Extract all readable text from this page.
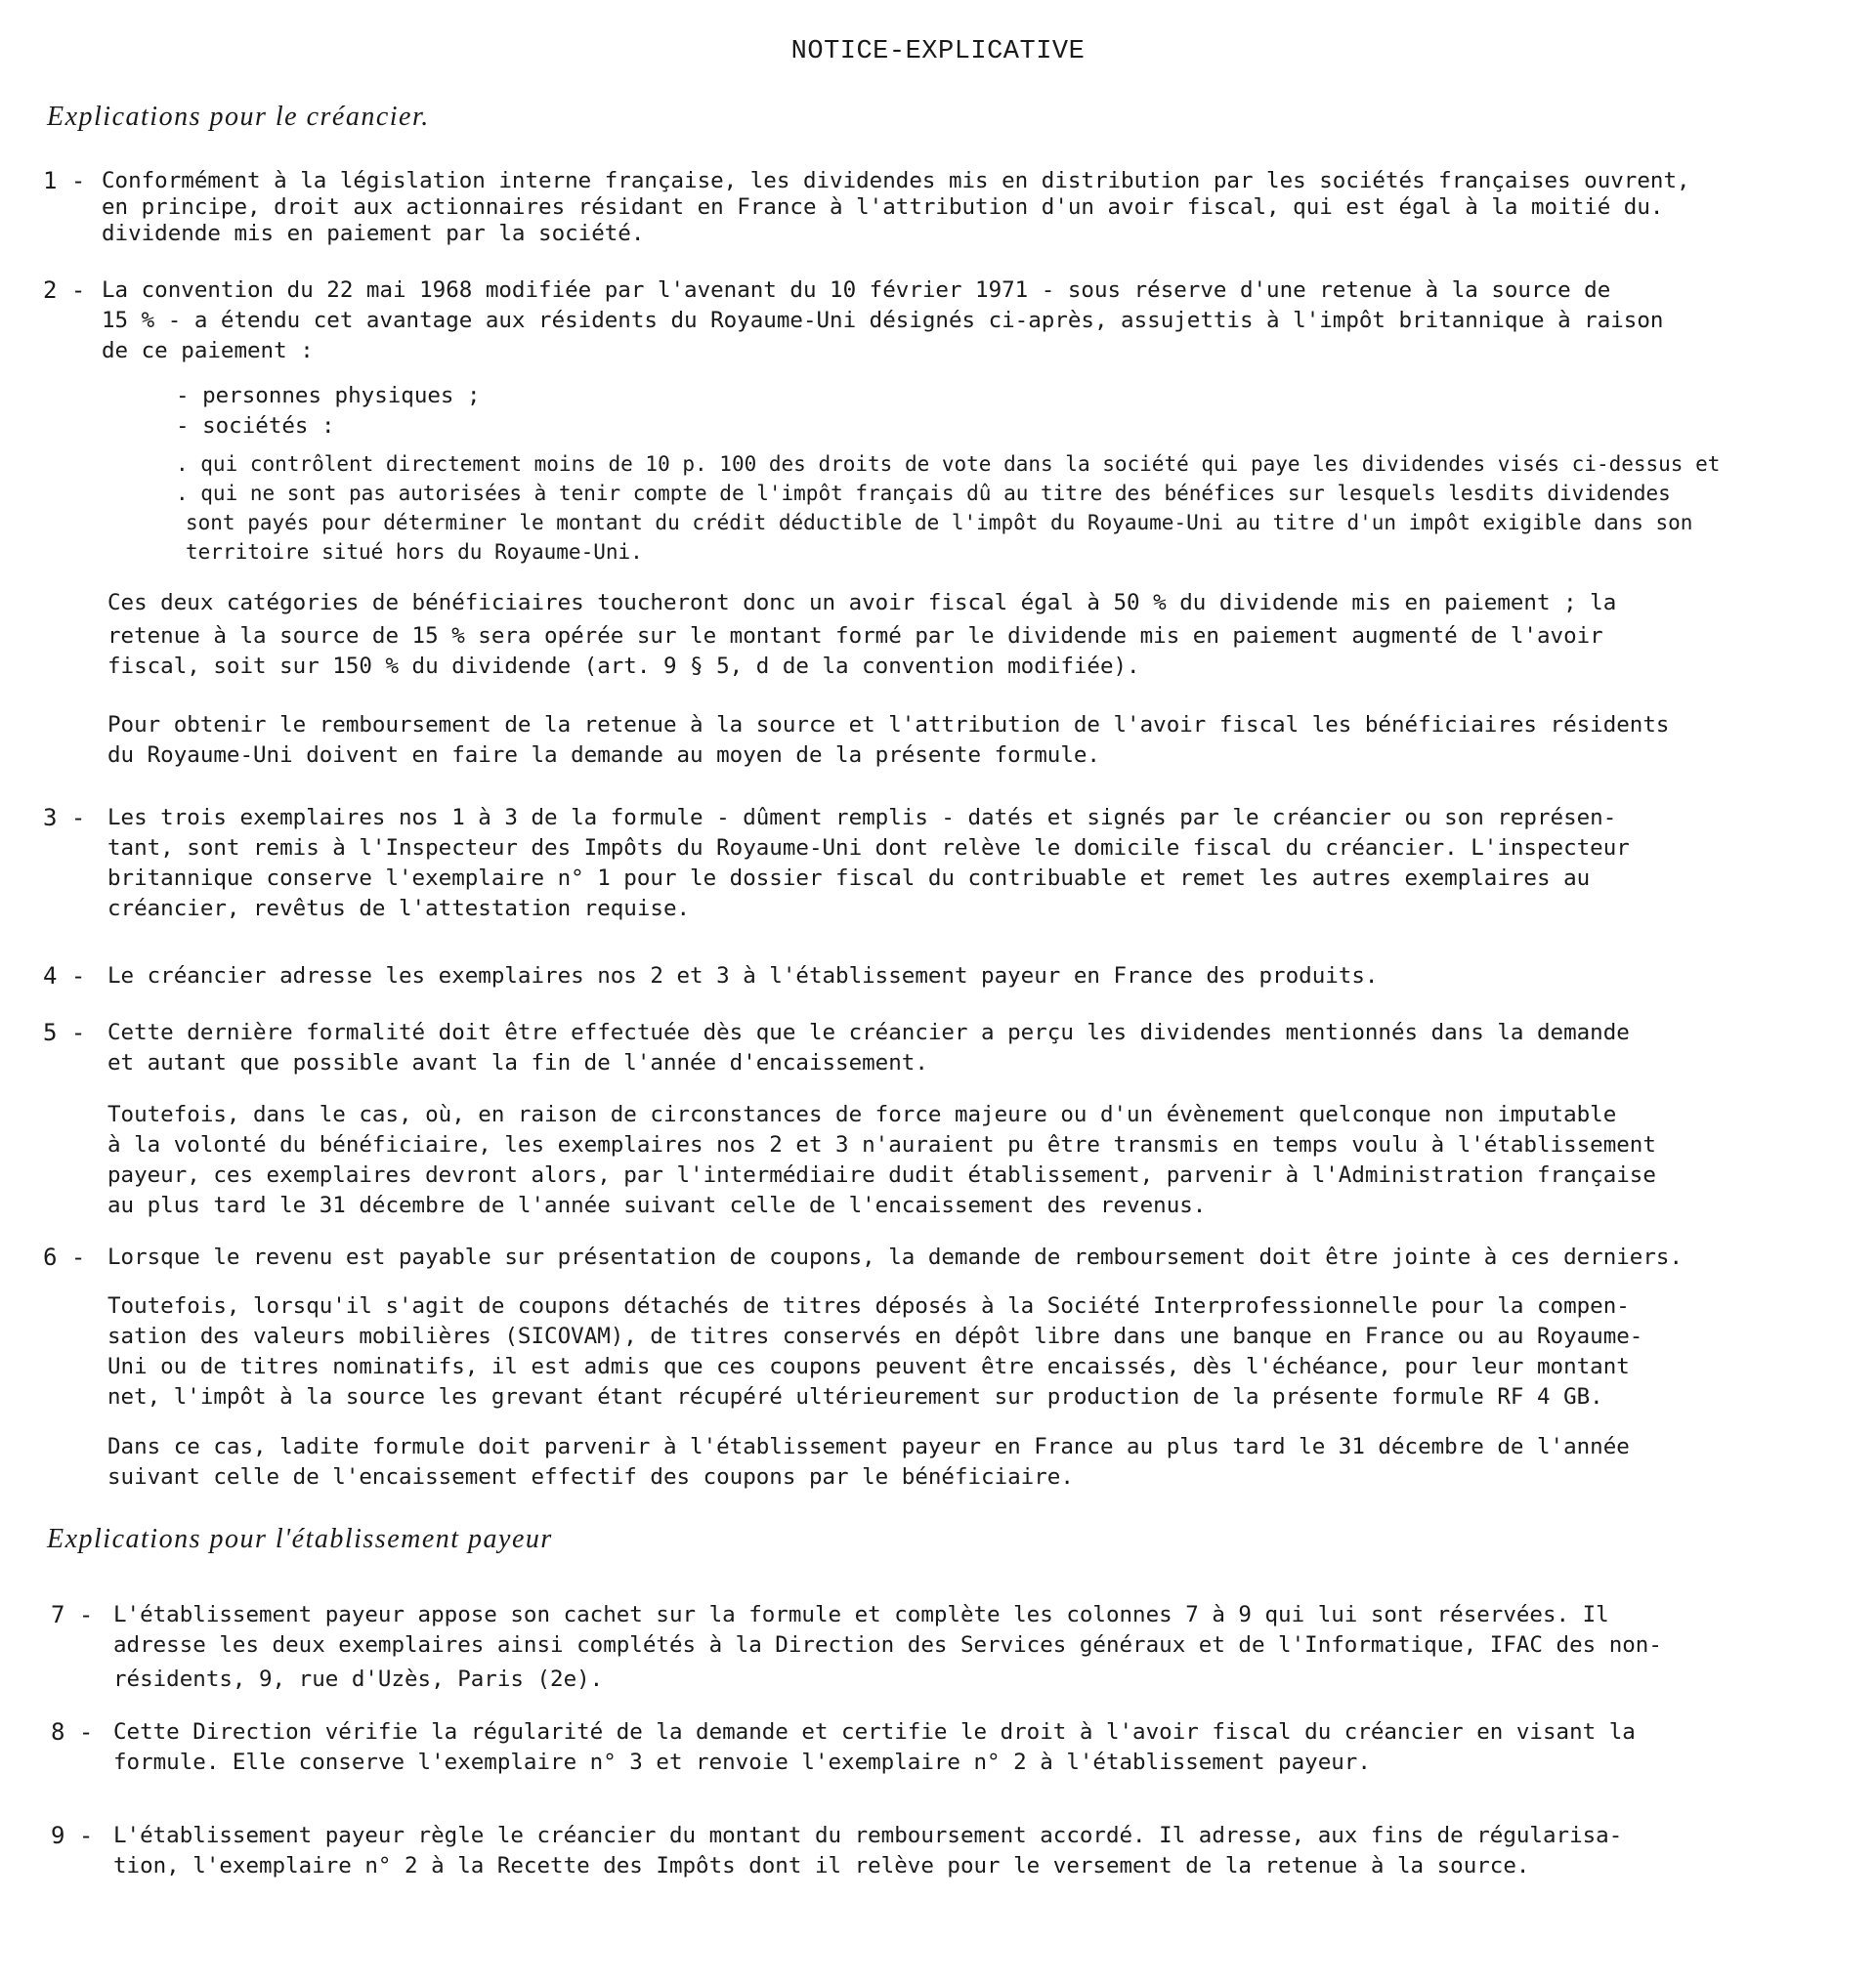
NOTICE-EXPLICATIVE
Explications pour le créancier.
1 - Conformément à la législation interne française, les dividendes mis en distribution par les sociétés françaises ouvrent,
en principe, droit aux actionnaires résidant en France à l'attribution d'un avoir fiscal, qui est égal à la moitié du.
dividende mis en paiement par la société.
2 - La convention du 22 mai 1968 modifiée par l'avenant du 10 février 1971 - sous réserve d'une retenue à la source de
15 % - a étendu cet avantage aux résidents du Royaume-Uni désignés ci-après, assujettis à l'impôt britannique à raison
de ce paiement :
- personnes physiques ;
- sociétés :
. qui contrôlent directement moins de 10 p. 100 des droits de vote dans la société qui paye les dividendes visés ci-dessus et
. qui ne sont pas autorisées à tenir compte de l'impôt français dû au titre des bénéfices sur lesquels lesdits dividendes
sont payés pour déterminer le montant du crédit déductible de l'impôt du Royaume-Uni au titre d'un impôt exigible dans son
territoire situé hors du Royaume-Uni.
Ces deux catégories de bénéficiaires toucheront donc un avoir fiscal égal à 50 % du dividende mis en paiement ; la
retenue à la source de 15 % sera opérée sur le montant formé par le dividende mis en paiement augmenté de l'avoir
fiscal, soit sur 150 % du dividende (art. 9 § 5, d de la convention modifiée).
Pour obtenir le remboursement de la retenue à la source et l'attribution de l'avoir fiscal les bénéficiaires résidents
du Royaume-Uni doivent en faire la demande au moyen de la présente formule.
3 -	Les trois exemplaires nos 1 à 3 de la formule - dûment remplis - datés et signés par le créancier ou son représen-
tant, sont remis à l'Inspecteur des Impôts du Royaume-Uni dont relève le domicile fiscal du créancier. L'inspecteur
britannique conserve l'exemplaire n° 1 pour le dossier fiscal du contribuable et remet les autres exemplaires au
créancier, revêtus de l'attestation requise.
4 -	Le créancier adresse les exemplaires nos 2 et 3 à l'établissement payeur en France des produits.
5 -	Cette dernière formalité doit être effectuée dès que le créancier a perçu les dividendes mentionnés dans la demande
et autant que possible avant la fin de l'année d'encaissement.
Toutefois, dans le cas, où, en raison de circonstances de force majeure ou d'un évènement quelconque non imputable
à la volonté du bénéficiaire, les exemplaires nos 2 et 3 n'auraient pu être transmis en temps voulu à l'établissement
payeur, ces exemplaires devront alors, par l'intermédiaire dudit établissement, parvenir à l'Administration française
au plus tard le 31 décembre de l'année suivant celle de l'encaissement des revenus.
6 -	Lorsque le revenu est payable sur présentation de coupons, la demande de remboursement doit être jointe à ces derniers.
Toutefois, lorsqu'il s'agit de coupons détachés de titres déposés à la Société Interprofessionnelle pour la compen-
sation des valeurs mobilières (SICOVAM), de titres conservés en dépôt libre dans une banque en France ou au Royaume-
Uni ou de titres nominatifs, il est admis que ces coupons peuvent être encaissés, dès l'échéance, pour leur montant
net, l'impôt à la source les grevant étant récupéré ultérieurement sur production de la présente formule RF 4 GB.
Dans ce cas, ladite formule doit parvenir à l'établissement payeur en France au plus tard le 31 décembre de l'année
suivant celle de l'encaissement effectif des coupons par le bénéficiaire.
Explications pour l'établissement payeur
7 - L'établissement payeur appose son cachet sur la formule et complète les colonnes 7 à 9 qui lui sont réservées. Il
adresse les deux exemplaires ainsi complétés à la Direction des Services généraux et de l'Informatique, IFAC des non-
résidents, 9, rue d'Uzès, Paris (2e).
8 - Cette Direction vérifie la régularité de la demande et certifie le droit à l'avoir fiscal du créancier en visant la
formule. Elle conserve l'exemplaire n° 3 et renvoie l'exemplaire n° 2 à l'établissement payeur.
9 - L'établissement payeur règle le créancier du montant du remboursement accordé. Il adresse, aux fins de régularisa-
tion, l'exemplaire n° 2 à la Recette des Impôts dont il relève pour le versement de la retenue à la source.
